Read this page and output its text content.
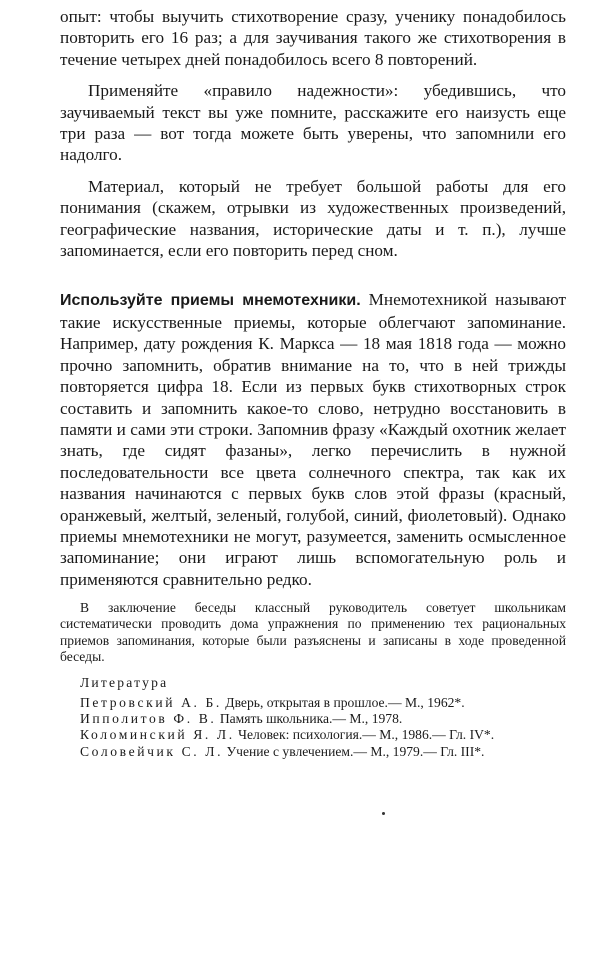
опыт: чтобы выучить стихотворение сразу, ученику понадобилось повторить его 16 раз; а для заучивания такого же стихотворения в течение четырех дней понадобилось всего 8 повторений.

Применяйте «правило надежности»: убедившись, что заучиваемый текст вы уже помните, расскажите его наизусть еще три раза — вот тогда можете быть уверены, что запомнили его надолго.

Материал, который не требует большой работы для его понимания (скажем, отрывки из художественных произведений, географические названия, исторические даты и т. п.), лучше запоминается, если его повторить перед сном.

Используйте приемы мнемотехники. Мнемотехникой называют такие искусственные приемы, которые облегчают запоминание. Например, дату рождения К. Маркса — 18 мая 1818 года — можно прочно запомнить, обратив внимание на то, что в ней трижды повторяется цифра 18. Если из первых букв стихотворных строк составить и запомнить какое-то слово, нетрудно восстановить в памяти и сами эти строки. Запомнив фразу «Каждый охотник желает знать, где сидят фазаны», легко перечислить в нужной последовательности все цвета солнечного спектра, так как их названия начинаются с первых букв слов этой фразы (красный, оранжевый, желтый, зеленый, голубой, синий, фиолетовый). Однако приемы мнемотехники не могут, разумеется, заменить осмысленное запоминание; они играют лишь вспомогательную роль и применяются сравнительно редко.

В заключение беседы классный руководитель советует школьникам систематически проводить дома упражнения по применению тех рациональных приемов запоминания, которые были разъяснены и записаны в ходе проведенной беседы.

Литература

Петровский А. Б. Дверь, открытая в прошлое.— М., 1962*.

Ипполитов Ф. В. Память школьника.— М., 1978.

Коломинский Я. Л. Человек: психология.— М., 1986.— Гл. IV*.

Соловейчик С. Л. Учение с увлечением.— М., 1979.— Гл. III*.
